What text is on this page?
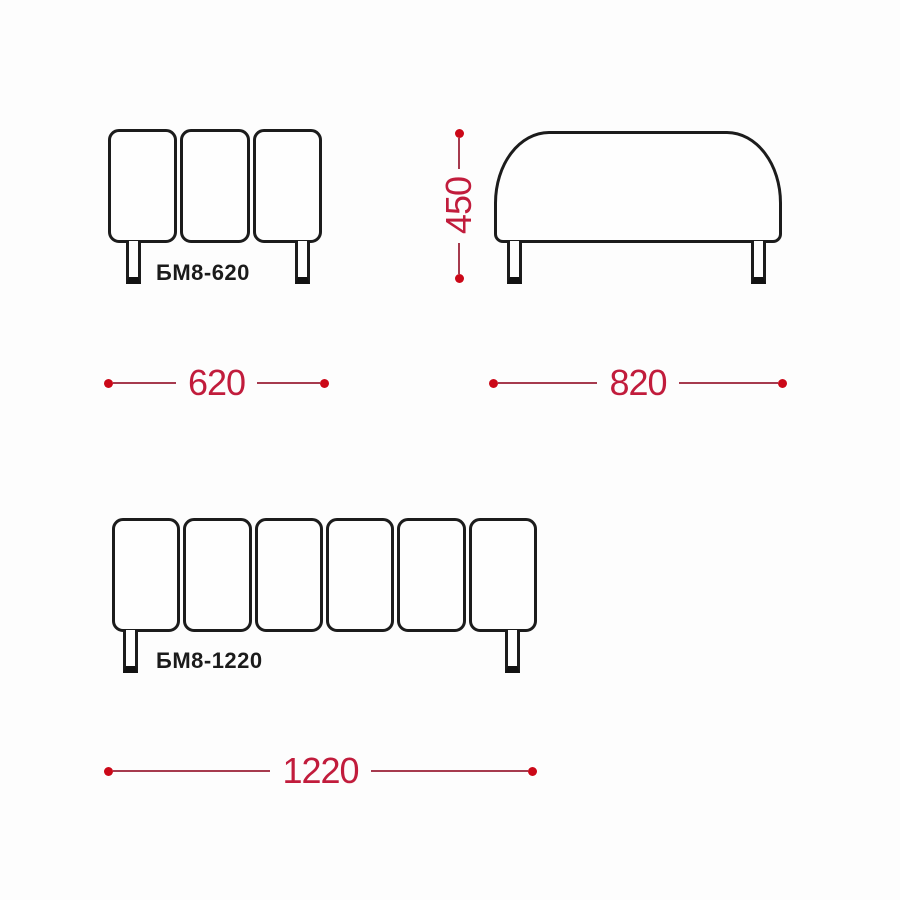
БМ8-620
450
620	820
БМ8-1220
1220
